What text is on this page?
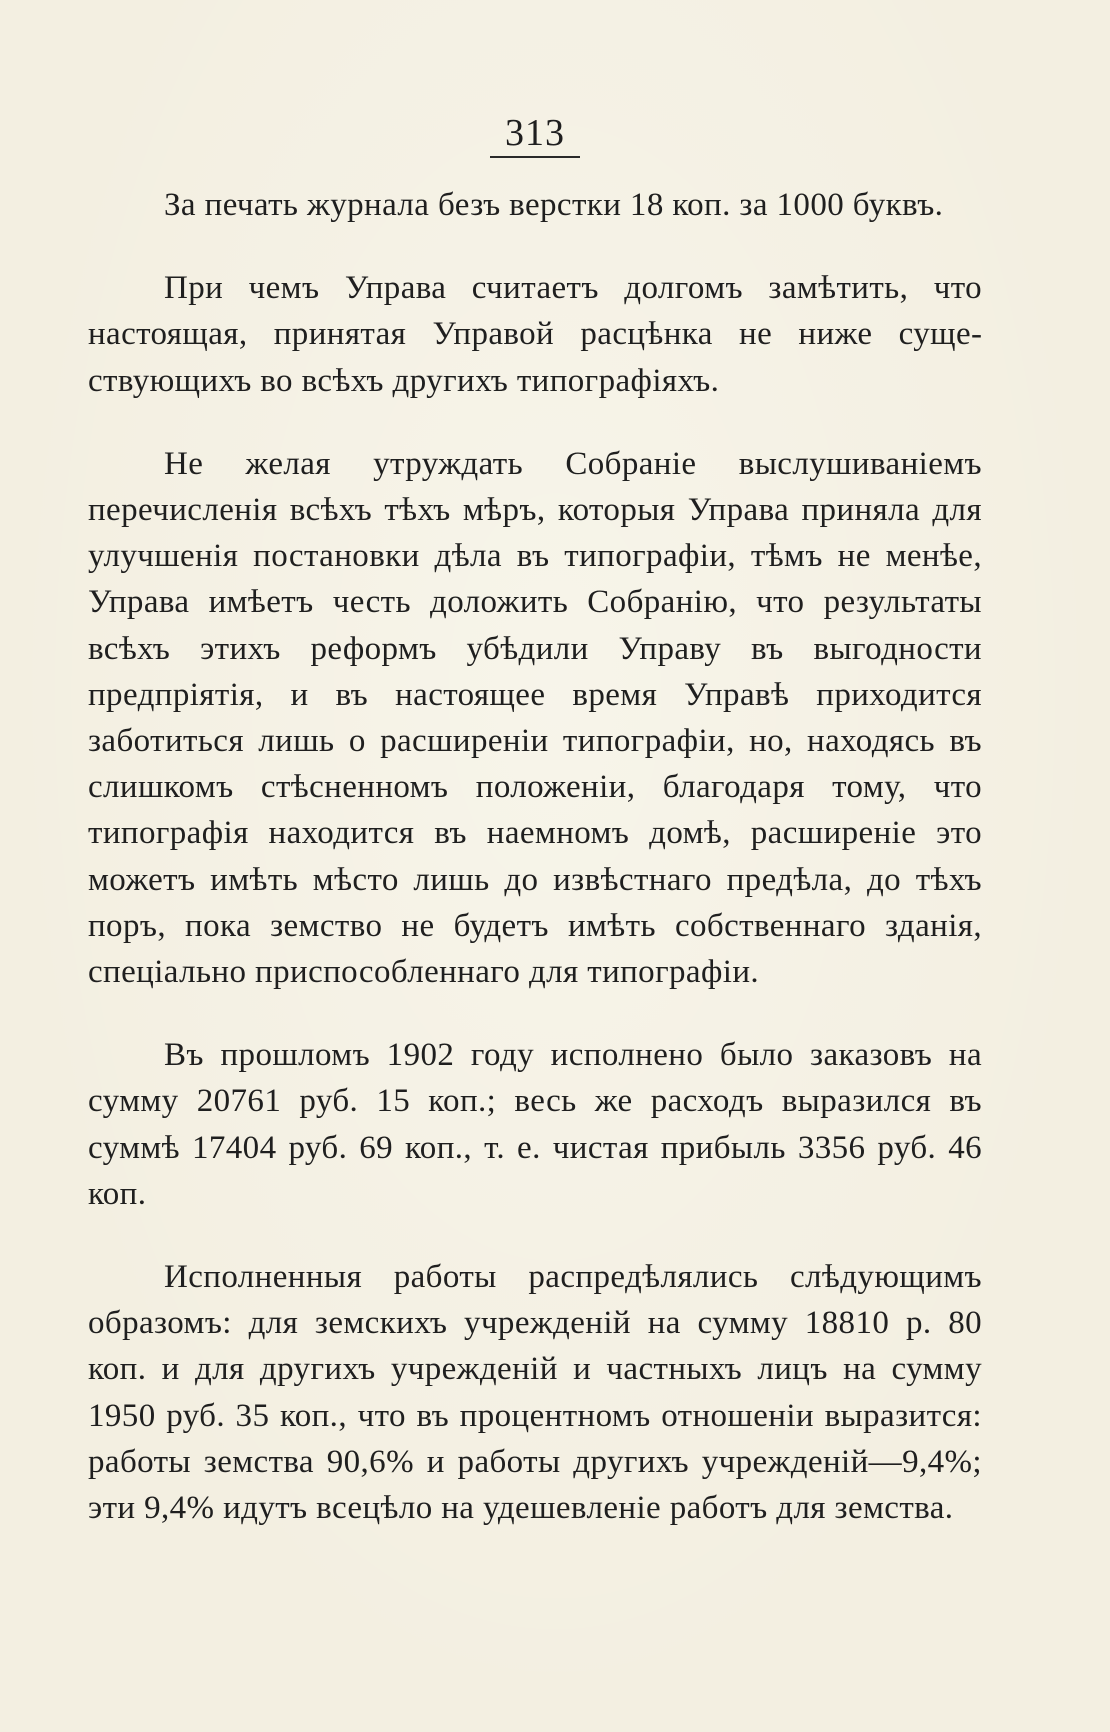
313

За печать журнала безъ верстки 18 коп. за 1000 буквъ.

При чемъ Управа считаетъ долгомъ замѣтить, что настоящая, принятая Управой расцѣнка не ниже существующихъ во всѣхъ другихъ типографіяхъ.

Не желая утруждать Собраніе выслушиваніемъ перечисленія всѣхъ тѣхъ мѣръ, которыя Управа приняла для улучшенія постановки дѣла въ типографіи, тѣмъ не менѣе, Управа имѣетъ честь доложить Собранію, что результаты всѣхъ этихъ реформъ убѣдили Управу въ выгодности предпріятія, и въ настоящее время Управѣ приходится заботиться лишь о расширеніи типографіи, но, находясь въ слишкомъ стѣсненномъ положеніи, благодаря тому, что типографія находится въ наемномъ домѣ, расширеніе это можетъ имѣть мѣсто лишь до извѣстнаго предѣла, до тѣхъ поръ, пока земство не будетъ имѣть собственнаго зданія, спеціально приспособленнаго для типографіи.

Въ прошломъ 1902 году исполнено было заказовъ на сумму 20761 руб. 15 коп.; весь же расходъ выразился въ суммѣ 17404 руб. 69 коп., т. е. чистая прибыль 3356 руб. 46 коп.

Исполненныя работы распредѣлялись слѣдующимъ образомъ: для земскихъ учрежденій на сумму 18810 р. 80 коп. и для другихъ учрежденій и частныхъ лицъ на сумму 1950 руб. 35 коп., что въ процентномъ отношеніи выразится: работы земства 90,6% и работы другихъ учрежденій—9,4%; эти 9,4% идутъ всецѣло на удешевленіе работъ для земства.
